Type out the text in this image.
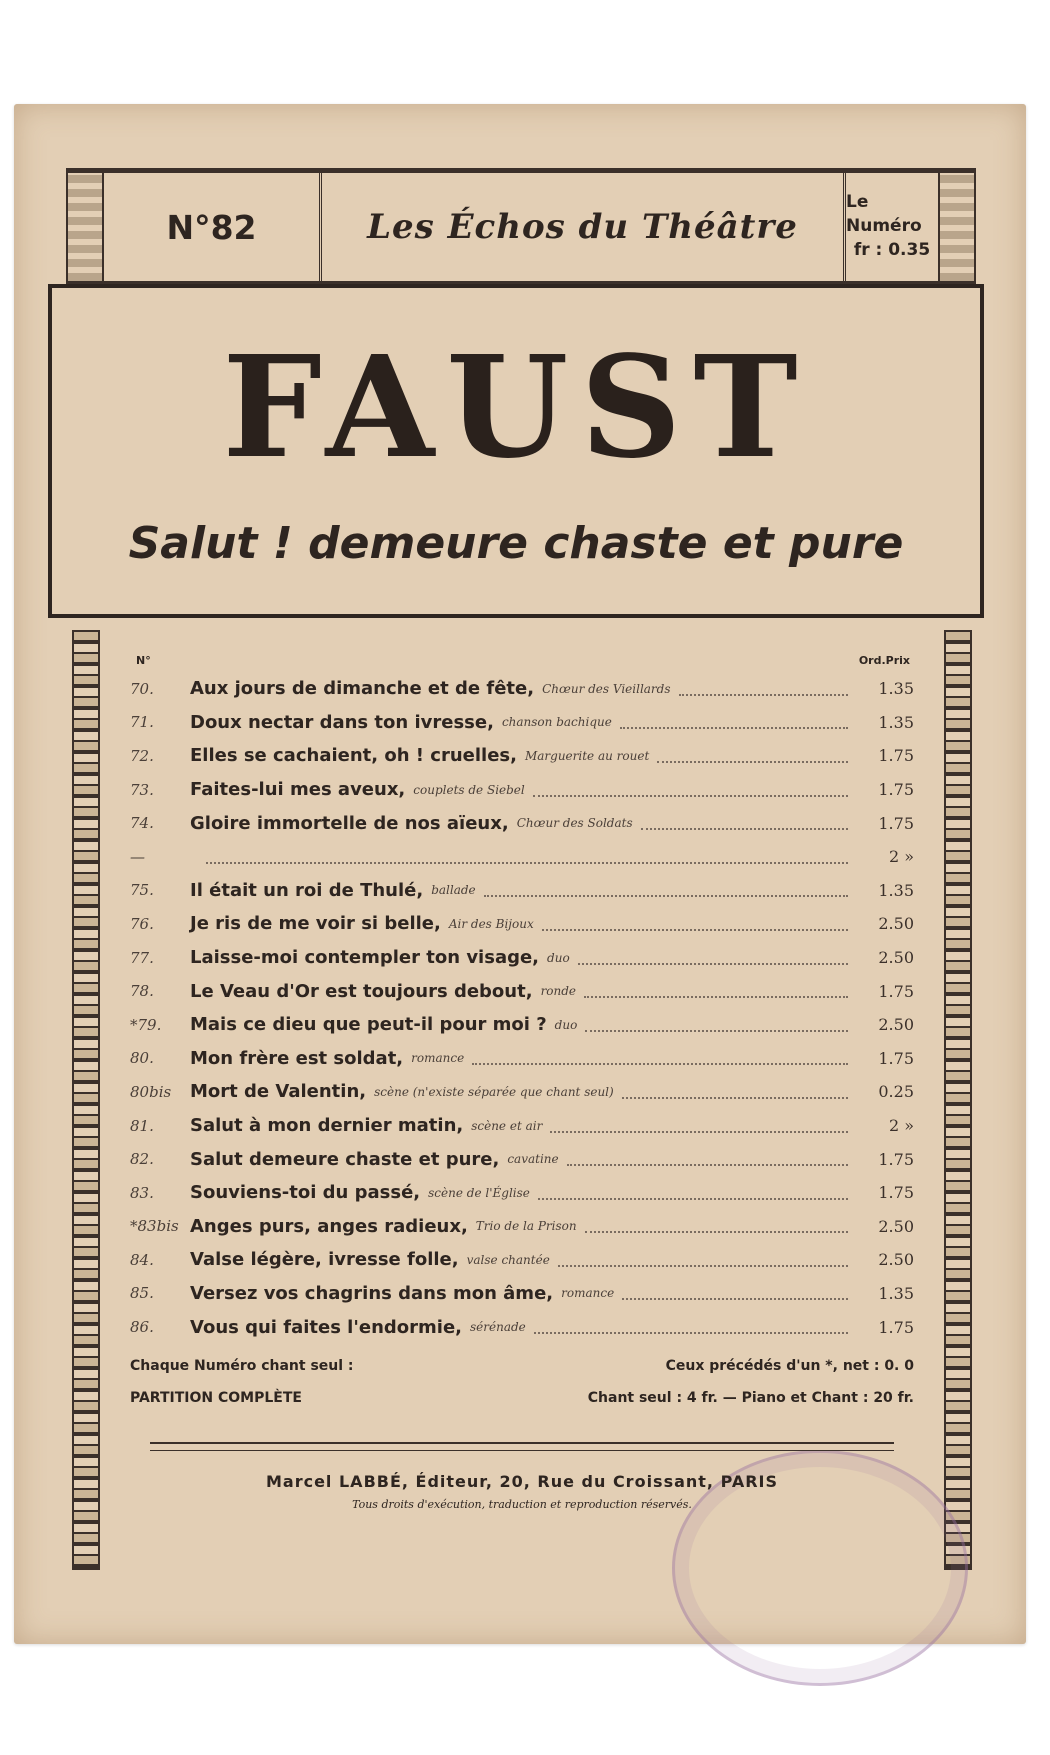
N°82	Les Échos du Théâtre
Le Numéro
fr : 0.35
FAUST
Salut ! demeure chaste et pure
N°	Ord.Prix
70.	Aux jours de dimanche et de fête, Chœur des Vieillards	1.35
71.	Doux nectar dans ton ivresse, chanson bachique	1.35
72.	Elles se cachaient, oh ! cruelles, Marguerite au rouet	1.75
73.	Faites-lui mes aveux, couplets de Siebel	1.75
74.	Gloire immortelle de nos aïeux, Chœur des Soldats	1.75
—	2 »
75.	Il était un roi de Thulé, ballade	1.35
76.	Je ris de me voir si belle, Air des Bijoux	2.50
77.	Laisse-moi contempler ton visage, duo	2.50
78.	Le Veau d'Or est toujours debout, ronde	1.75
*79.	Mais ce dieu que peut-il pour moi ? duo	2.50
80.	Mon frère est soldat, romance	1.75
80bis	Mort de Valentin, scène (n'existe séparée que chant seul)	0.25
81.	Salut à mon dernier matin, scène et air	2 »
82.	Salut demeure chaste et pure, cavatine	1.75
83.	Souviens-toi du passé, scène de l'Église	1.75
*83bis Anges purs, anges radieux, Trio de la Prison	2.50
84.	Valse légère, ivresse folle, valse chantée	2.50
85.	Versez vos chagrins dans mon âme, romance	1.35
86.	Vous qui faites l'endormie, sérénade	1.75
Chaque Numéro chant seul :	Ceux précédés d'un *, net : 0. 0
PARTITION COMPLÈTE	Chant seul : 4 fr. — Piano et Chant : 20 fr.
Marcel LABBÉ, Éditeur, 20, Rue du Croissant, PARIS
Tous droits d'exécution, traduction et reproduction réservés.
